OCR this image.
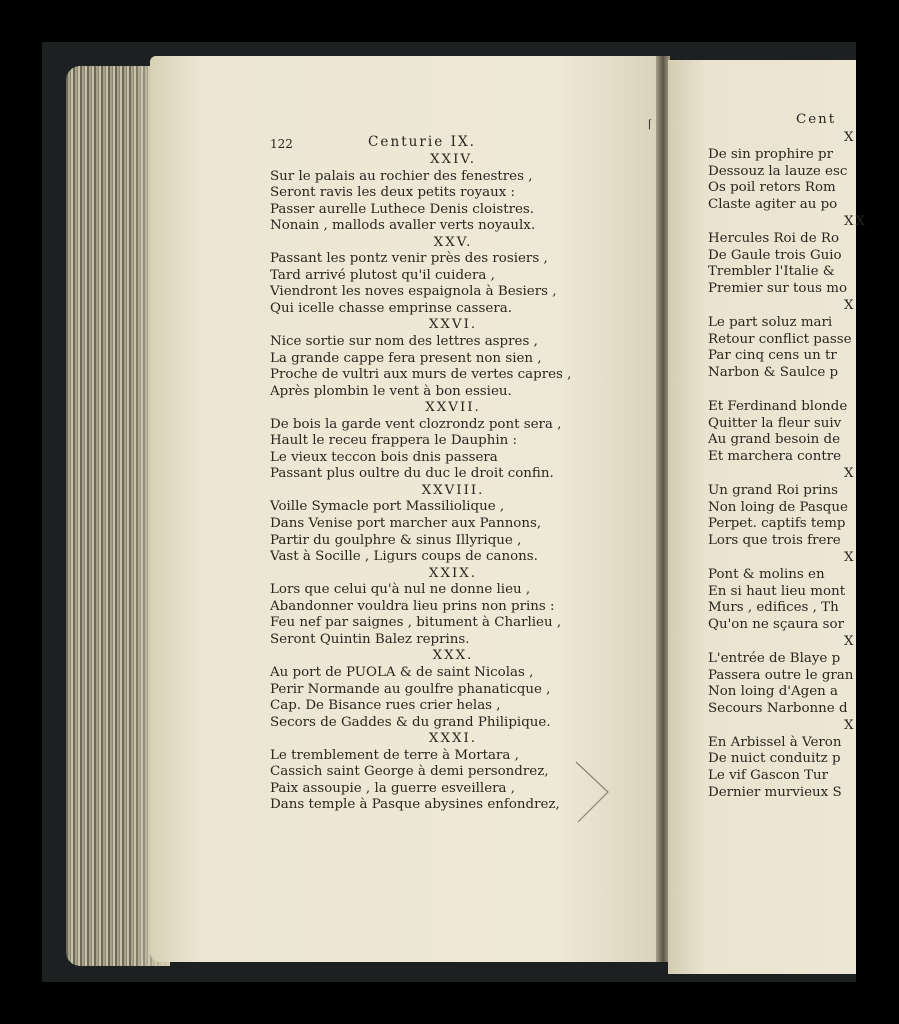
122	Centurie IX.
XXIV.
Sur le palais au rochier des fenestres ,
Seront ravis les deux petits royaux :
Passer aurelle Luthece Denis cloistres.
Nonain , mallods avaller verts noyaulx.
XXV.
Passant les pontz venir près des rosiers ,
Tard arrivé plutost qu'il cuidera ,
Viendront les noves espaignola à Besiers ,
Qui icelle chasse emprinse cassera.
XXVI.
Nice sortie sur nom des lettres aspres ,
La grande cappe fera present non sien ,
Proche de vultri aux murs de vertes capres ,
Après plombin le vent à bon essieu.
XXVII.
De bois la garde vent clozrondz pont sera ,
Hault le receu frappera le Dauphin :
Le vieux teccon bois dnis passera
Passant plus oultre du duc le droit confin.
XXVIII.
Voille Symacle port Massiliolique ,
Dans Venise port marcher aux Pannons,
Partir du goulphre & sinus Illyrique ,
Vast à Socille , Ligurs coups de canons.
XXIX.
Lors que celui qu'à nul ne donne lieu ,
Abandonner vouldra lieu prins non prins :
Feu nef par saignes , bitument à Charlieu ,
Seront Quintin Balez reprins.
XXX.
Au port de PUOLA & de saint Nicolas ,
Perir Normande au goulfre phanaticque ,
Cap. De Bisance rues crier helas ,
Secors de Gaddes & du grand Philipique.
XXXI.
Le tremblement de terre à Mortara ,
Cassich saint George à demi persondrez,
Paix assoupie , la guerre esveillera ,
Dans temple à Pasque abysines enfondrez,
Cent
X
De sin prophire pr
Dessouz la lauze esc
Os poil retors Rom
Claste agiter au po
XX
Hercules Roi de Ro
De Gaule trois Guio
Trembler l'Italie &
Premier sur tous mo
X
Le part soluz mari
Retour conflict passe
Par cinq cens un tr
Narbon & Saulce p
Et Ferdinand blonde
Quitter la fleur suiv
Au grand besoin de
Et marchera contre
X
Un grand Roi prins
Non loing de Pasque
Perpet. captifs temp
Lors que trois frere
X
Pont & molins en
En si haut lieu mont
Murs , edifices , Th
Qu'on ne sçaura sor
X
L'entrée de Blaye p
Passera outre le gran
Non loing d'Agen a
Secours Narbonne d
X
En Arbissel à Veron
De nuict conduitz p
Le vif Gascon Tur
Dernier murvieux S
⌈
